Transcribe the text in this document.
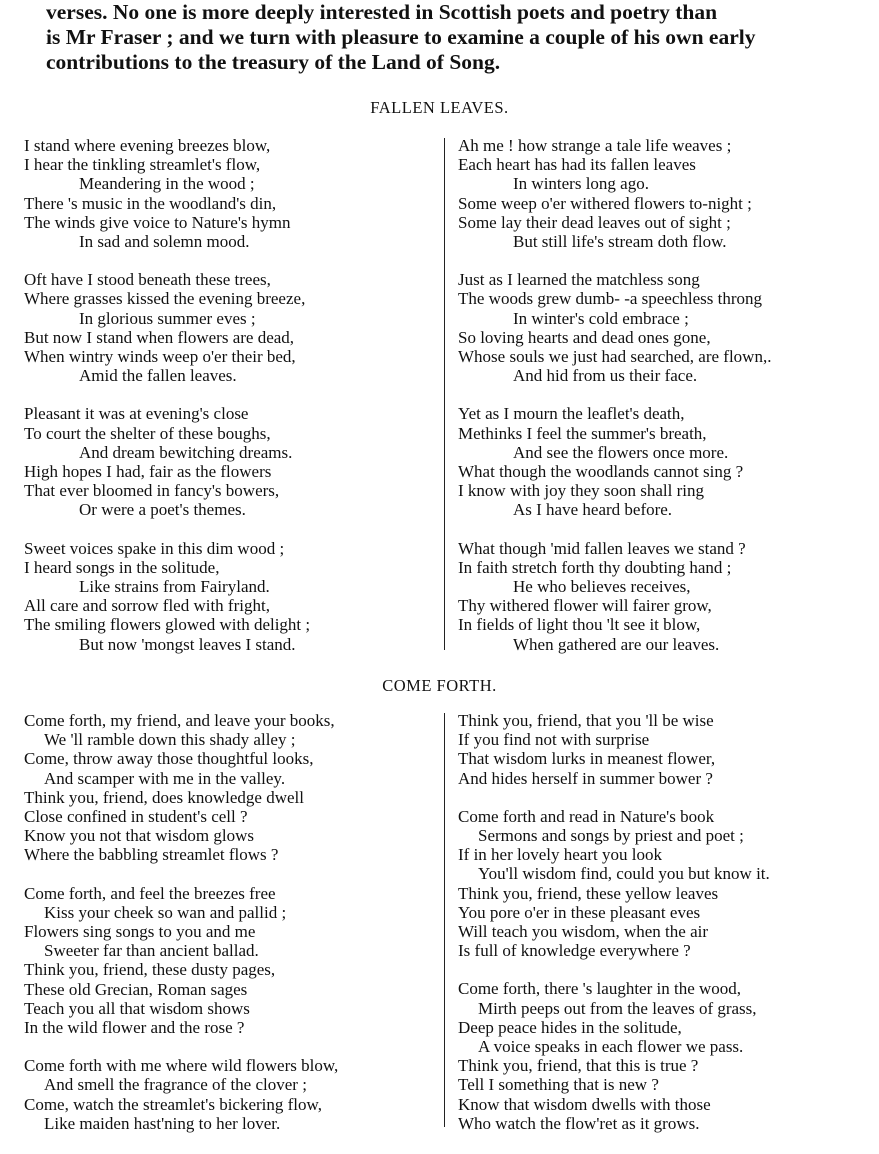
verses. No one is more deeply interested in Scottish poets and poetry than
is Mr Fraser ; and we turn with pleasure to examine a couple of his own early
contributions to the treasury of the Land of Song.
FALLEN LEAVES.
I stand where evening breezes blow,
I hear the tinkling streamlet's flow,
Meandering in the wood ;
There 's music in the woodland's din,
The winds give voice to Nature's hymn
In sad and solemn mood.
Oft have I stood beneath these trees,
Where grasses kissed the evening breeze,
In glorious summer eves ;
But now I stand when flowers are dead,
When wintry winds weep o'er their bed,
Amid the fallen leaves.
Pleasant it was at evening's close
To court the shelter of these boughs,
And dream bewitching dreams.
High hopes I had, fair as the flowers
That ever bloomed in fancy's bowers,
Or were a poet's themes.
Sweet voices spake in this dim wood ;
I heard songs in the solitude,
Like strains from Fairyland.
All care and sorrow fled with fright,
The smiling flowers glowed with delight ;
But now 'mongst leaves I stand.
Ah me ! how strange a tale life weaves ;
Each heart has had its fallen leaves
In winters long ago.
Some weep o'er withered flowers to-night ;
Some lay their dead leaves out of sight ;
But still life's stream doth flow.
Just as I learned the matchless song
The woods grew dumb- -a speechless throng
In winter's cold embrace ;
So loving hearts and dead ones gone,
Whose souls we just had searched, are flown,.
And hid from us their face.
Yet as I mourn the leaflet's death,
Methinks I feel the summer's breath,
And see the flowers once more.
What though the woodlands cannot sing ?
I know with joy they soon shall ring
As I have heard before.
What though 'mid fallen leaves we stand ?
In faith stretch forth thy doubting hand ;
He who believes receives,
Thy withered flower will fairer grow,
In fields of light thou 'lt see it blow,
When gathered are our leaves.
COME FORTH.
Come forth, my friend, and leave your books,
We 'll ramble down this shady alley ;
Come, throw away those thoughtful looks,
And scamper with me in the valley.
Think you, friend, does knowledge dwell
Close confined in student's cell ?
Know you not that wisdom glows
Where the babbling streamlet flows ?
Come forth, and feel the breezes free
Kiss your cheek so wan and pallid ;
Flowers sing songs to you and me
Sweeter far than ancient ballad.
Think you, friend, these dusty pages,
These old Grecian, Roman sages
Teach you all that wisdom shows
In the wild flower and the rose ?
Come forth with me where wild flowers blow,
And smell the fragrance of the clover ;
Come, watch the streamlet's bickering flow,
Like maiden hast'ning to her lover.
Think you, friend, that you 'll be wise
If you find not with surprise
That wisdom lurks in meanest flower,
And hides herself in summer bower ?
Come forth and read in Nature's book
Sermons and songs by priest and poet ;
If in her lovely heart you look
You'll wisdom find, could you but know it.
Think you, friend, these yellow leaves
You pore o'er in these pleasant eves
Will teach you wisdom, when the air
Is full of knowledge everywhere ?
Come forth, there 's laughter in the wood,
Mirth peeps out from the leaves of grass,
Deep peace hides in the solitude,
A voice speaks in each flower we pass.
Think you, friend, that this is true ?
Tell I something that is new ?
Know that wisdom dwells with those
Who watch the flow'ret as it grows.
